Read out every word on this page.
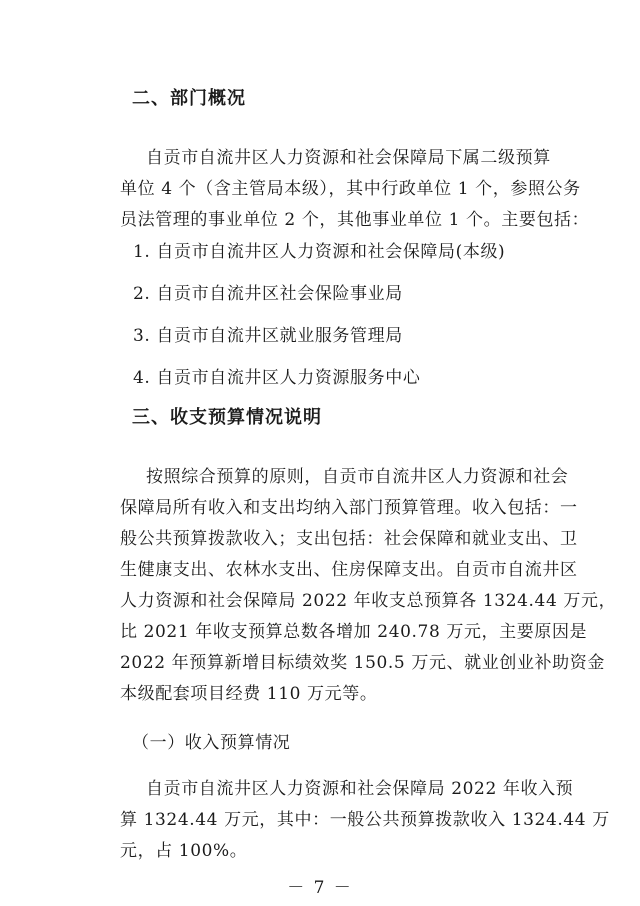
二、部门概况
自贡市自流井区人力资源和社会保障局下属二级预算
单位 4 个（含主管局本级），其中行政单位 1 个，参照公务
员法管理的事业单位 2 个，其他事业单位 1 个。主要包括：
1. 自贡市自流井区人力资源和社会保障局(本级)
2. 自贡市自流井区社会保险事业局
3. 自贡市自流井区就业服务管理局
4. 自贡市自流井区人力资源服务中心
三、收支预算情况说明
按照综合预算的原则，自贡市自流井区人力资源和社会
保障局所有收入和支出均纳入部门预算管理。收入包括：一
般公共预算拨款收入；支出包括：社会保障和就业支出、卫
生健康支出、农林水支出、住房保障支出。自贡市自流井区
人力资源和社会保障局 2022 年收支总预算各 1324.44 万元，
比 2021 年收支预算总数各增加 240.78 万元，主要原因是
2022 年预算新增目标绩效奖 150.5 万元、就业创业补助资金
本级配套项目经费 110 万元等。
（一）收入预算情况
自贡市自流井区人力资源和社会保障局 2022 年收入预
算 1324.44 万元，其中：一般公共预算拨款收入 1324.44 万
元，占 100%。
－ 7 －
